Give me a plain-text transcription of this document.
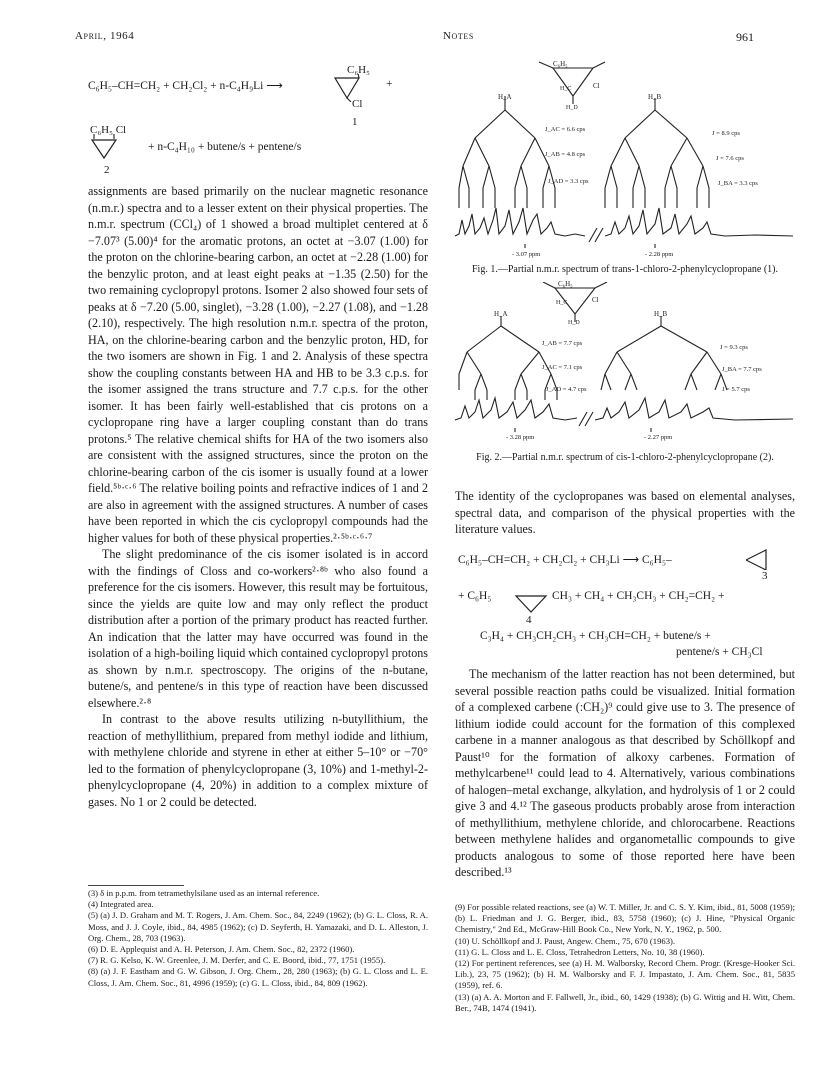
April, 1964	Notes	961
C₆H₅–CH=CH₂ + CH₂Cl₂ + n-C₄H₉Li ⟶
C₆H₅
Cl
+
1
C₆H₅ Cl
+ n-C₄H₁₀ + butene/s + pentene/s
2

assignments are based primarily on the nuclear magnetic resonance (n.m.r.) spectra and to a lesser extent on their physical properties. The n.m.r. spectrum (CCl₄) of 1 showed a broad multiplet centered at δ −7.07³ (5.00)⁴ for the aromatic protons, an octet at −3.07 (1.00) for the proton on the chlorine-bearing carbon, an octet at −2.28 (1.00) for the benzylic proton, and at least eight peaks at −1.35 (2.50) for the two remaining cyclopropyl protons. Isomer 2 also showed four sets of peaks at δ −7.20 (5.00, singlet), −3.28 (1.00), −2.27 (1.08), and −1.28 (2.10), respectively. The high resolution n.m.r. spectra of the proton, HA, on the chlorine-bearing carbon and the benzylic proton, HD, for the two isomers are shown in Fig. 1 and 2. Analysis of these spectra show the coupling constants between HA and HB to be 3.3 c.p.s. for the isomer assigned the trans structure and 7.7 c.p.s. for the other isomer. It has been fairly well-established that cis protons on a cyclopropane ring have a larger coupling constant than do trans protons.⁵ The relative chemical shifts for HA of the two isomers also are consistent with the assigned structures, since the proton on the chlorine-bearing carbon of the cis isomer is usually found at a lower field.⁵ᵇ·ᶜ·⁶ The relative boiling points and refractive indices of 1 and 2 are also in agreement with the assigned structures. A number of cases have been reported in which the cis cyclopropyl compounds had the higher values for both of these physical properties.²·⁵ᵇ·ᶜ·⁶·⁷

The slight predominance of the cis isomer isolated is in accord with the findings of Closs and co-workers²·⁸ᵇ who also found a preference for the cis isomers. However, this result may be fortuitous, since the yields are quite low and may only reflect the product distribution after a portion of the primary product has reacted further. An indication that the latter may have occurred was found in the isolation of a high-boiling liquid which contained cyclopropyl protons as shown by n.m.r. spectroscopy. The origins of the n-butane, butene/s, and pentene/s in this type of reaction have been discussed elsewhere.²·⁸

In contrast to the above results utilizing n-butyllithium, the reaction of methyllithium, prepared from methyl iodide and lithium, with methylene chloride and styrene in ether at either 5–10° or −70° led to the formation of phenylcyclopropane (3, 10%) and 1-methyl-2-phenylcyclopropane (4, 20%) in addition to a complex mixture of gases. No 1 or 2 could be detected.

(3) δ in p.p.m. from tetramethylsilane used as an internal reference.

(4) Integrated area.

(5) (a) J. D. Graham and M. T. Rogers, J. Am. Chem. Soc., 84, 2249 (1962); (b) G. L. Closs, R. A. Moss, and J. J. Coyle, ibid., 84, 4985 (1962); (c) D. Seyferth, H. Yamazaki, and D. L. Alleston, J. Org. Chem., 28, 703 (1963).

(6) D. E. Applequist and A. H. Peterson, J. Am. Chem. Soc., 82, 2372 (1960).

(7) R. G. Kelso, K. W. Greenlee, J. M. Derfer, and C. E. Boord, ibid., 77, 1751 (1955).

(8) (a) J. F. Eastham and G. W. Gibson, J. Org. Chem., 28, 280 (1963); (b) G. L. Closs and L. E. Closs, J. Am. Chem. Soc., 81, 4996 (1959); (c) G. L. Closs, ibid., 84, 809 (1962).

C₆H₅
Cl
H_A	H_B
H_C
H_D
J_AC = 6.6 cps
J_AB = 4.8 cps
J_AD = 3.3 cps
J = 8.9 cps
J = 7.6 cps
J_BA = 3.3 cps
- 3.07 ppm	- 2.28 ppm
Fig. 1.—Partial n.m.r. spectrum of trans-1-chloro-2-phenylcyclopropane (1).
C₆H₅
Cl
H_A	H_B
H_C
H_D
J_AB = 7.7 cps
J_AC = 7.1 cps
J_AD = 4.7 cps
J = 9.3 cps
J_BA = 7.7 cps
J = 5.7 cps
- 3.28 ppm	- 2.27 ppm
Fig. 2.—Partial n.m.r. spectrum of cis-1-chloro-2-phenylcyclopropane (2).

The identity of the cyclopropanes was based on elemental analyses, spectral data, and comparison of the physical properties with the literature values.

C₆H₅–CH=CH₂ + CH₂Cl₂ + CH₃Li ⟶ C₆H₅–
3
+ C₆H₅	CH₃ + CH₄ + CH₃CH₃ + CH₂=CH₂ +
4
C₃H₄ + CH₃CH₂CH₃ + CH₃CH=CH₂ + butene/s +
pentene/s + CH₃Cl

The mechanism of the latter reaction has not been determined, but several possible reaction paths could be visualized. Initial formation of a complexed carbene (:CH₂)⁹ could give use to 3. The presence of lithium iodide could account for the formation of this complexed carbene in a manner analogous as that described by Schöllkopf and Paust¹⁰ for the formation of alkoxy carbenes. Formation of methylcarbene¹¹ could lead to 4. Alternatively, various combinations of halogen–metal exchange, alkylation, and hydrolysis of 1 or 2 could give 3 and 4.¹² The gaseous products probably arose from interaction of methyllithium, methylene chloride, and chlorocarbene. Reactions between methylene halides and organometallic compounds to give products analogous to some of those reported here have been described.¹³

(9) For possible related reactions, see (a) W. T. Miller, Jr. and C. S. Y. Kim, ibid., 81, 5008 (1959); (b) L. Friedman and J. G. Berger, ibid., 83, 5758 (1960); (c) J. Hine, "Physical Organic Chemistry," 2nd Ed., McGraw-Hill Book Co., New York, N. Y., 1962, p. 500.

(10) U. Schöllkopf and J. Paust, Angew. Chem., 75, 670 (1963).

(11) G. L. Closs and L. E. Closs, Tetrahedron Letters, No. 10, 38 (1960).

(12) For pertinent references, see (a) H. M. Walborsky, Record Chem. Progr. (Kresge-Hooker Sci. Lib.), 23, 75 (1962); (b) H. M. Walborsky and F. J. Impastato, J. Am. Chem. Soc., 81, 5835 (1959), ref. 6.

(13) (a) A. A. Morton and F. Fallwell, Jr., ibid., 60, 1429 (1938); (b) G. Wittig and H. Witt, Chem. Ber., 74B, 1474 (1941).
